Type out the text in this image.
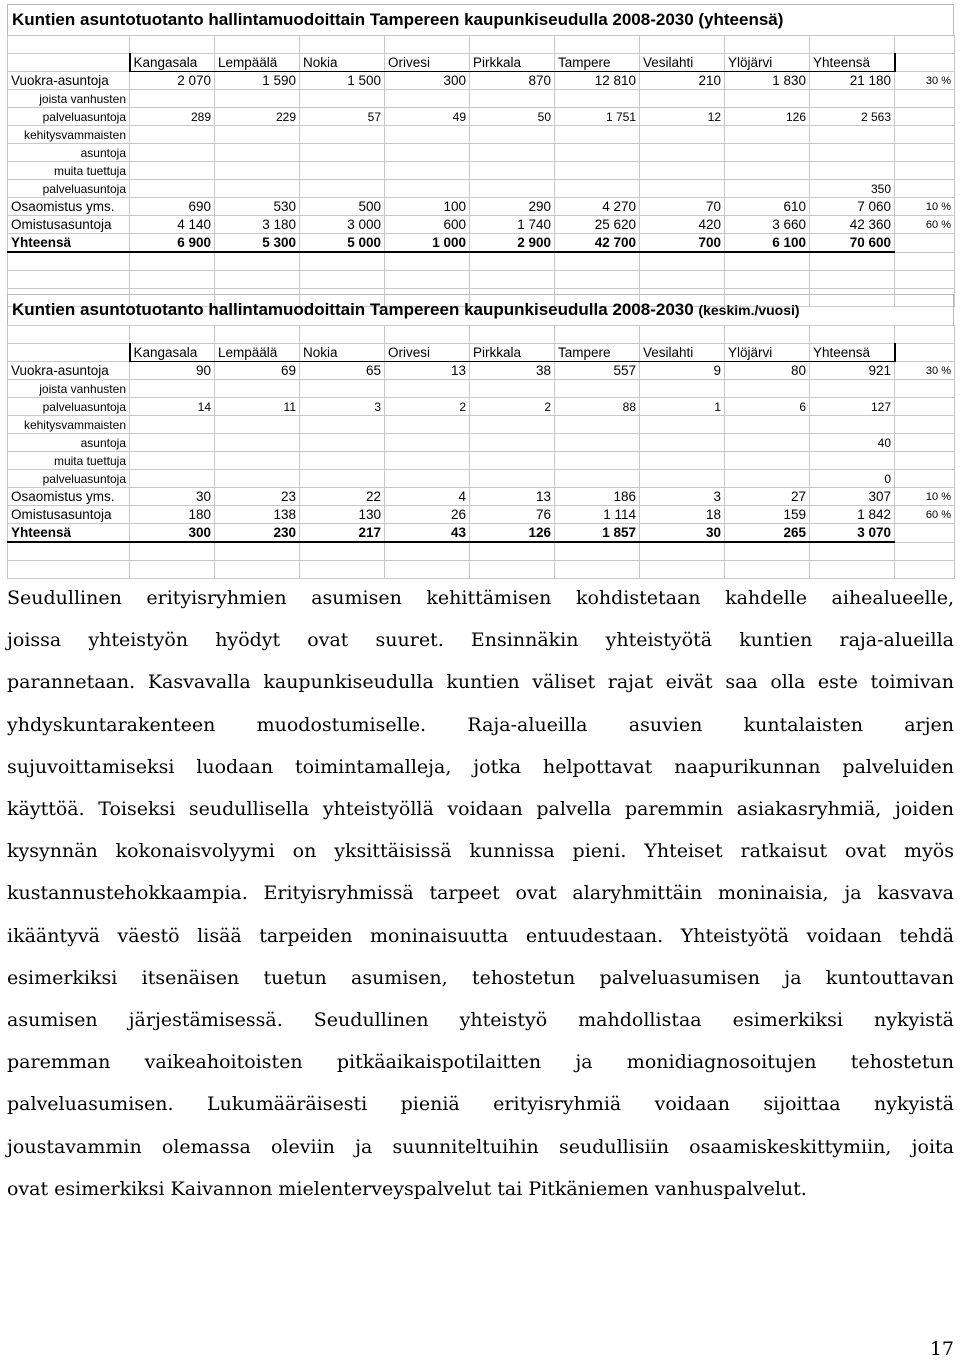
Kuntien asuntotuotanto hallintamuodoittain Tampereen kaupunkiseudulla 2008-2030 (yhteensä)

	Kangasala	Lempäälä	Nokia	Orivesi	Pirkkala	Tampere	Vesilahti	Ylöjärvi	Yhteensä	
Vuokra-asuntoja	2 070	1 590	1 500	300	870	12 810	210	1 830	21 180	30 %
joista vanhusten										
palveluasuntoja	289	229	57	49	50	1 751	12	126	2 563	
kehitysvammaisten										
asuntoja										
muita tuettuja										
palveluasuntoja									350	
Osaomistus yms.	690	530	500	100	290	4 270	70	610	7 060	10 %
Omistusasuntoja	4 140	3 180	3 000	600	1 740	25 620	420	3 660	42 360	60 %
Yhteensä	6 900	5 300	5 000	1 000	2 900	42 700	700	6 100	70 600	

Kuntien asuntotuotanto hallintamuodoittain Tampereen kaupunkiseudulla 2008-2030 (keskim./vuosi)

	Kangasala	Lempäälä	Nokia	Orivesi	Pirkkala	Tampere	Vesilahti	Ylöjärvi	Yhteensä	
Vuokra-asuntoja	90	69	65	13	38	557	9	80	921	30 %
joista vanhusten										
palveluasuntoja	14	11	3	2	2	88	1	6	127	
kehitysvammaisten										
asuntoja									40	
muita tuettuja										
palveluasuntoja									0	
Osaomistus yms.	30	23	22	4	13	186	3	27	307	10 %
Omistusasuntoja	180	138	130	26	76	1 114	18	159	1 842	60 %
Yhteensä	300	230	217	43	126	1 857	30	265	3 070	

Seudullinen erityisryhmien asumisen kehittämisen kohdistetaan kahdelle aihealueelle,
joissa yhteistyön hyödyt ovat suuret. Ensinnäkin yhteistyötä kuntien raja-alueilla
parannetaan. Kasvavalla kaupunkiseudulla kuntien väliset rajat eivät saa olla este toimivan
yhdyskuntarakenteen muodostumiselle. Raja-alueilla asuvien kuntalaisten arjen
sujuvoittamiseksi luodaan toimintamalleja, jotka helpottavat naapurikunnan palveluiden
käyttöä. Toiseksi seudullisella yhteistyöllä voidaan palvella paremmin asiakasryhmiä, joiden
kysynnän kokonaisvolyymi on yksittäisissä kunnissa pieni. Yhteiset ratkaisut ovat myös
kustannustehokkaampia. Erityisryhmissä tarpeet ovat alaryhmittäin moninaisia, ja kasvava
ikääntyvä väestö lisää tarpeiden moninaisuutta entuudestaan. Yhteistyötä voidaan tehdä
esimerkiksi itsenäisen tuetun asumisen, tehostetun palveluasumisen ja kuntouttavan
asumisen järjestämisessä. Seudullinen yhteistyö mahdollistaa esimerkiksi nykyistä
paremman vaikeahoitoisten pitkäaikaispotilaitten ja monidiagnosoitujen tehostetun
palveluasumisen. Lukumääräisesti pieniä erityisryhmiä voidaan sijoittaa nykyistä
joustavammin olemassa oleviin ja suunniteltuihin seudullisiin osaamiskeskittymiin, joita
ovat esimerkiksi Kaivannon mielenterveyspalvelut tai Pitkäniemen vanhuspalvelut.
17
